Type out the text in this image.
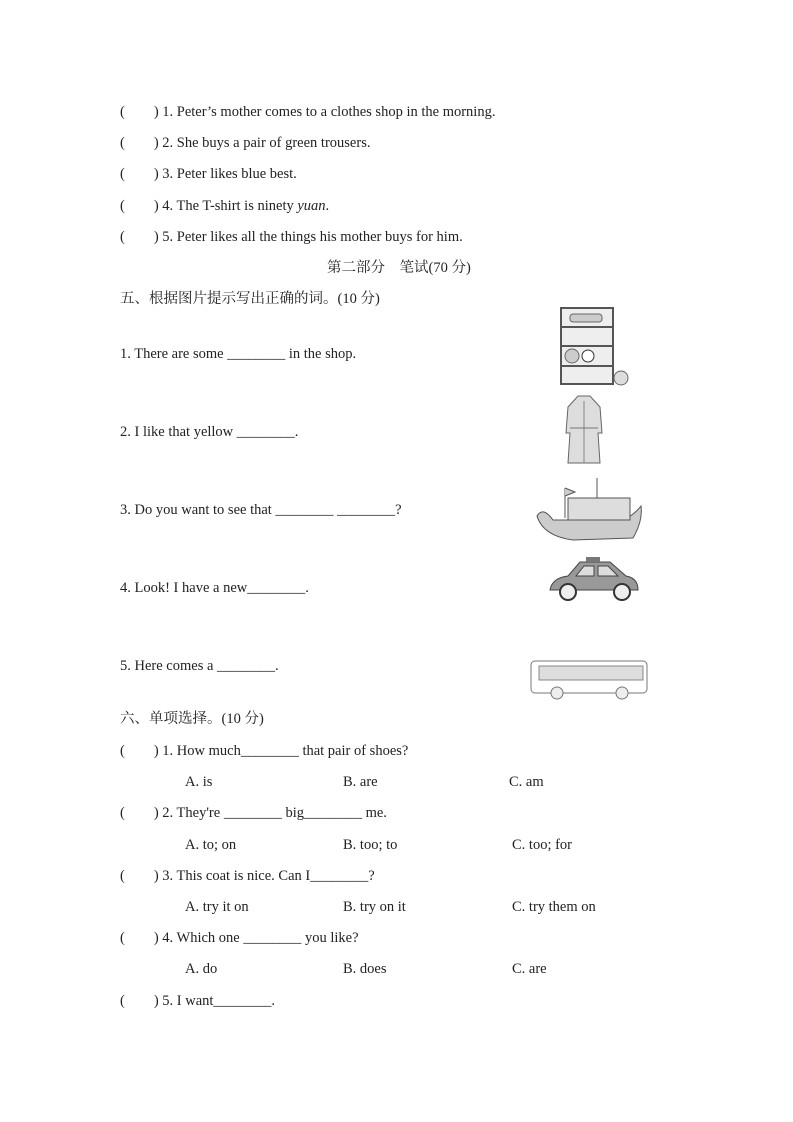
(        ) 1. Peter’s mother comes to a clothes shop in the morning.
(        ) 2. She buys a pair of green trousers.
(        ) 3. Peter likes blue best.
(        ) 4. The T-shirt is ninety yuan.
(        ) 5. Peter likes all the things his mother buys for him.
第二部分　笔试(70 分)
五、根据图片提示写出正确的词。(10 分)
1. There are some ________ in the shop.
2. I like that yellow ________.
3. Do you want to see that ________ ________?
4. Look! I have a new________.
5. Here comes a ________.
六、单项选择。(10 分)
(        ) 1. How much________ that pair of shoes?
A. is	B. are	C. am
(        ) 2. They're ________ big________ me.
A. to; on	B. too; to	C. too; for
(        ) 3. This coat is nice. Can I________?
A. try it on	B. try on it	C. try them on
(        ) 4. Which one ________ you like?
A. do	B. does	C. are
(        ) 5. I want________.
